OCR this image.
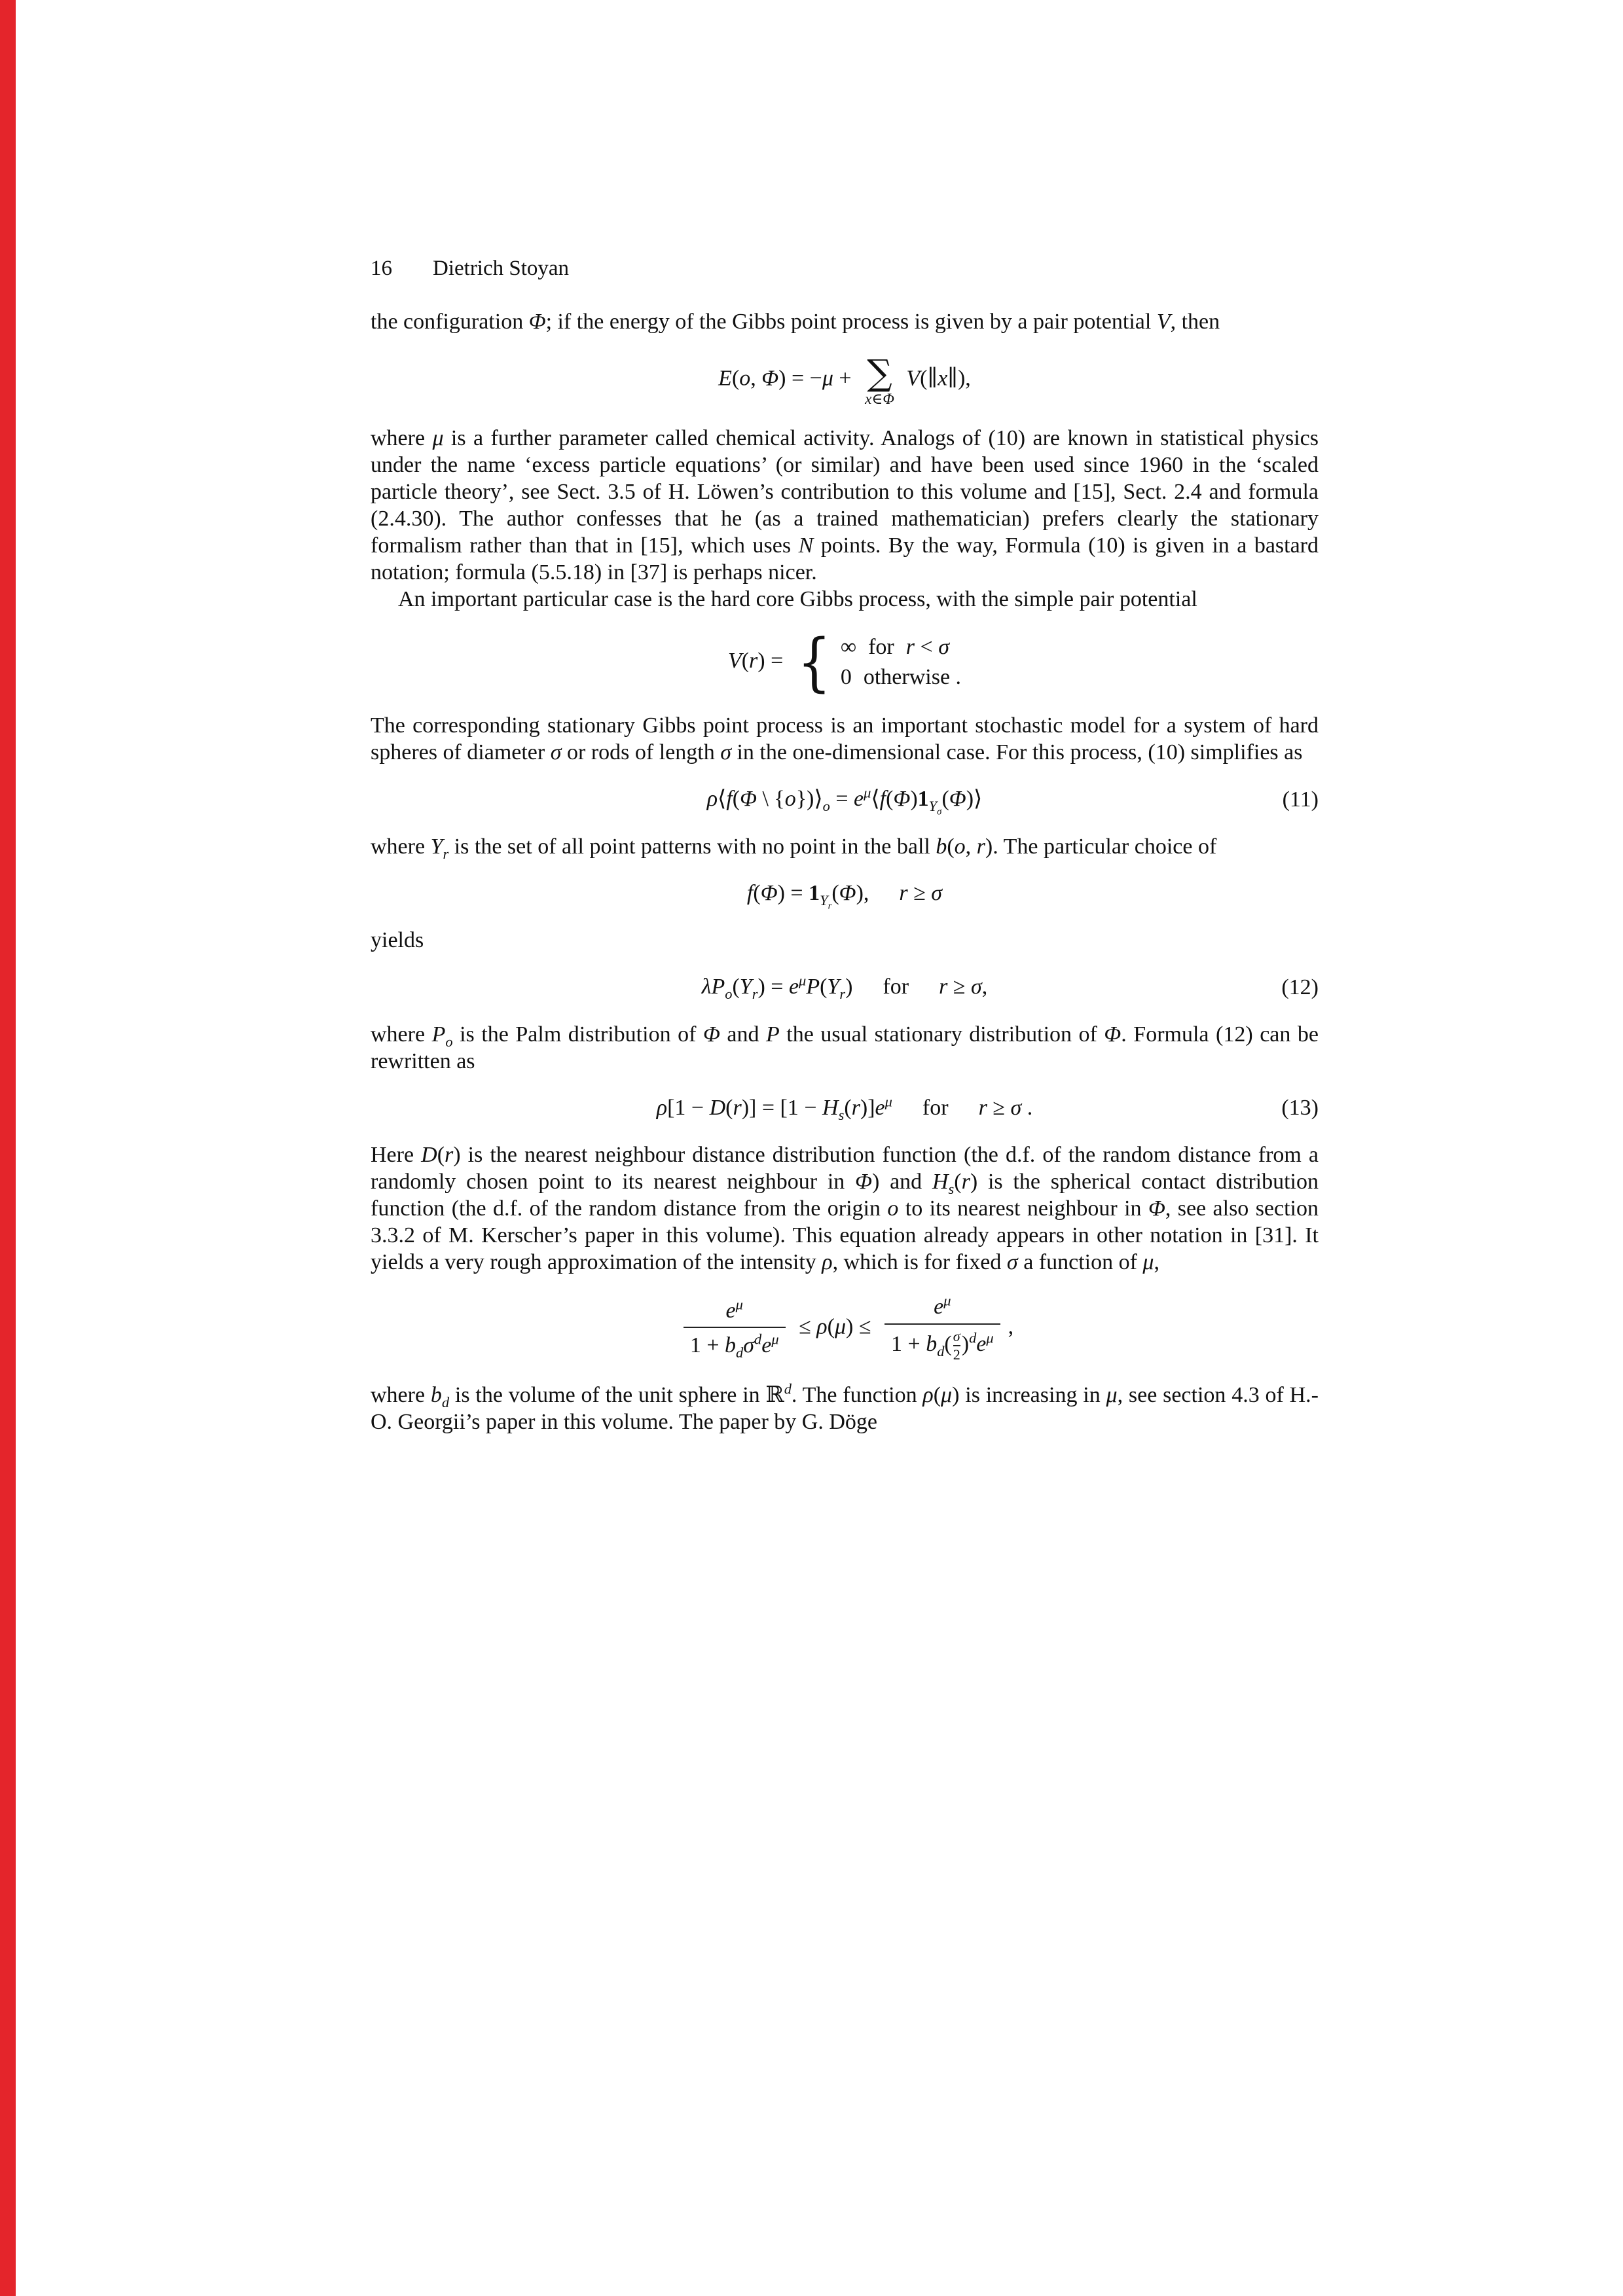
16 Dietrich Stoyan

the configuration Φ; if the energy of the Gibbs point process is given by a pair potential V, then

E(o, Φ) = −μ + ∑
x∈Φ
V(∥x∥),

where μ is a further parameter called chemical activity. Analogs of (10) are known in statistical physics under the name ‘excess particle equations’ (or similar) and have been used since 1960 in the ‘scaled particle theory’, see Sect. 3.5 of H. Löwen’s contribution to this volume and [15], Sect. 2.4 and formula (2.4.30). The author confesses that he (as a trained mathematician) prefers clearly the stationary formalism rather than that in [15], which uses N points. By the way, Formula (10) is given in a bastard notation; formula (5.5.18) in [37] is perhaps nicer.

An important particular case is the hard core Gibbs process, with the simple pair potential

V(r) = { ∞ for r < σ
0 otherwise .

The corresponding stationary Gibbs point process is an important stochastic model for a system of hard spheres of diameter σ or rods of length σ in the one-dimensional case. For this process, (10) simplifies as

ρ⟨f(Φ \ $\{o\})⟩_o$ = $e^\mu⟨f(\Phi)1_{Y_\sigma}(\Phi)⟩$	(11)

where $Y_r$ is the set of all point patterns with no point in the ball b(o, r). The particular choice of

$f(\Phi) = 1_{Y_r}(\Phi)$, r ≥ σ

yields

$\lambda P_o(Y_r) = e^\mu P(Y_r)$ for r ≥ σ,	(12)

where $P_o$ is the Palm distribution of Φ and P the usual stationary distribution of Φ. Formula (12) can be rewritten as

$\rho[1 - D(r)] = [1 - H_s(r)]e^\mu$ for r ≥ σ .	(13)

Here D(r) is the nearest neighbour distance distribution function (the d.f. of the random distance from a randomly chosen point to its nearest neighbour in Φ) and $H_s(r)$ is the spherical contact distribution function (the d.f. of the random distance from the origin o to its nearest neighbour in Φ, see also section 3.3.2 of M. Kerscher’s paper in this volume). This equation already appears in other notation in [31]. It yields a very rough approximation of the intensity ρ, which is for fixed σ a function of μ,

$\frac{e^\mu}{1 + b_d\sigma^de^\mu} \le \rho(\mu) \le \frac{e^\mu}{1 + b_d( \frac{\sigma}{2} )^de^\mu}$ ,

where $b_d$ is the volume of the unit sphere in ℝ$^d$. The function ρ(μ) is increasing in μ, see section 4.3 of H.-O. Georgii’s paper in this volume. The paper by G. Döge
